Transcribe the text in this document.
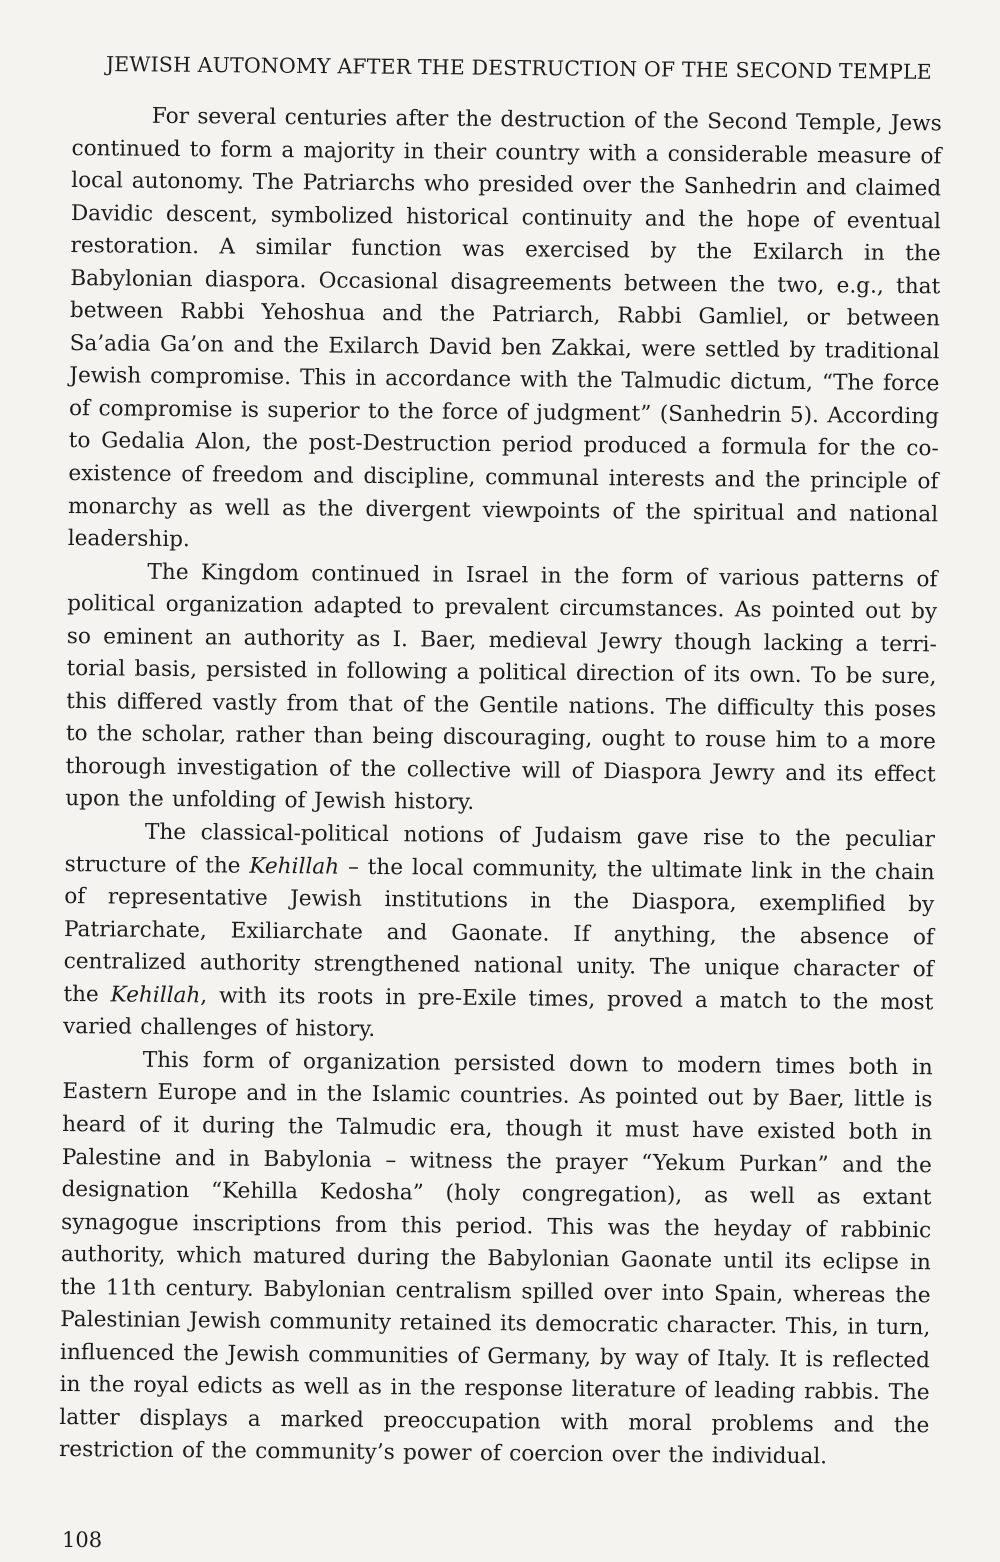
JEWISH AUTONOMY AFTER THE DESTRUCTION OF THE SECOND TEMPLE

For several centuries after the destruction of the Second Temple, Jews continued to form a majority in their country with a considerable measure of local autonomy. The Patriarchs who presided over the Sanhedrin and claimed Davidic descent, symbolized historical continuity and the hope of eventual restoration. A similar function was exercised by the Exilarch in the Babylonian diaspora. Occasional disagreements between the two, e.g., that between Rabbi Yehoshua and the Patriarch, Rabbi Gamliel, or between Sa’adia Ga’on and the Exilarch David ben Zakkai, were settled by traditional Jewish compromise. This in accordance with the Talmudic dictum, “The force of compromise is superior to the force of judgment” (Sanhedrin 5). According to Gedalia Alon, the post-Destruction period produced a formula for the co-existence of freedom and discipline, communal interests and the principle of monarchy as well as the divergent viewpoints of the spiritual and national leadership.

The Kingdom continued in Israel in the form of various patterns of political organization adapted to prevalent circumstances. As pointed out by so eminent an authority as I. Baer, medieval Jewry though lacking a territorial basis, persisted in following a political direction of its own. To be sure, this differed vastly from that of the Gentile nations. The difficulty this poses to the scholar, rather than being discouraging, ought to rouse him to a more thorough investigation of the collective will of Diaspora Jewry and its effect upon the unfolding of Jewish history.

The classical-political notions of Judaism gave rise to the peculiar structure of the Kehillah – the local community, the ultimate link in the chain of representative Jewish institutions in the Diaspora, exemplified by Patriarchate, Exiliarchate and Gaonate. If anything, the absence of centralized authority strengthened national unity. The unique character of the Kehillah, with its roots in pre-Exile times, proved a match to the most varied challenges of history.

This form of organization persisted down to modern times both in Eastern Europe and in the Islamic countries. As pointed out by Baer, little is heard of it during the Talmudic era, though it must have existed both in Palestine and in Babylonia – witness the prayer “Yekum Purkan” and the designation “Kehilla Kedosha” (holy congregation), as well as extant synagogue inscriptions from this period. This was the heyday of rabbinic authority, which matured during the Babylonian Gaonate until its eclipse in the 11th century. Babylonian centralism spilled over into Spain, whereas the Palestinian Jewish community retained its democratic character. This, in turn, influenced the Jewish communities of Germany, by way of Italy. It is reflected in the royal edicts as well as in the response literature of leading rabbis. The latter displays a marked preoccupation with moral problems and the restriction of the community’s power of coercion over the individual.

108
